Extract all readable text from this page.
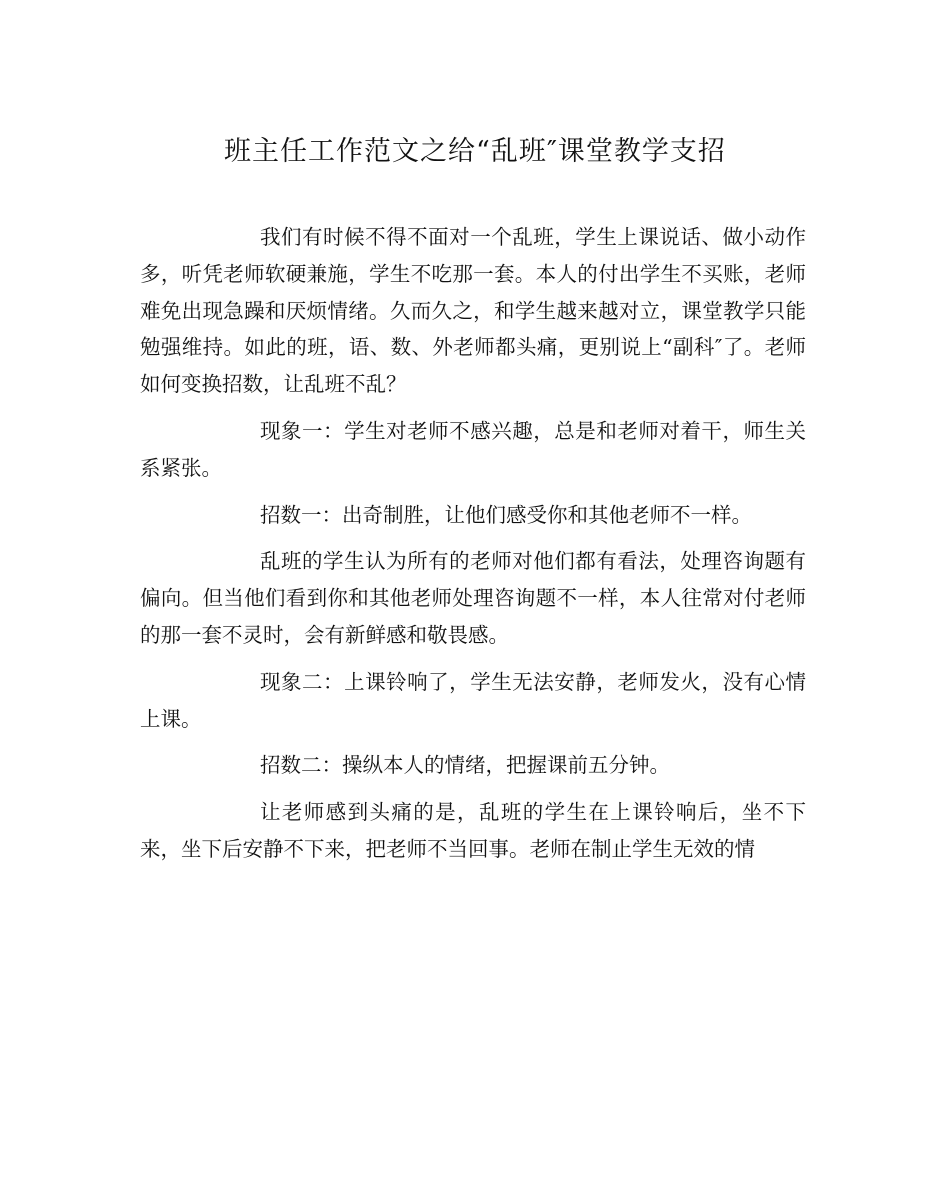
班主任工作范文之给“乱班″课堂教学支招

我们有时候不得不面对一个乱班，学生上课说话、做小动作多，听凭老师软硬兼施，学生不吃那一套。本人的付出学生不买账，老师难免出现急躁和厌烦情绪。久而久之，和学生越来越对立，课堂教学只能勉强维持。如此的班，语、数、外老师都头痛，更别说上“副科″了。老师如何变换招数，让乱班不乱？

现象一：学生对老师不感兴趣，总是和老师对着干，师生关系紧张。

招数一：出奇制胜，让他们感受你和其他老师不一样。

乱班的学生认为所有的老师对他们都有看法，处理咨询题有偏向。但当他们看到你和其他老师处理咨询题不一样，本人往常对付老师的那一套不灵时，会有新鲜感和敬畏感。

现象二：上课铃响了，学生无法安静，老师发火，没有心情上课。

招数二：操纵本人的情绪，把握课前五分钟。

让老师感到头痛的是，乱班的学生在上课铃响后，坐不下来，坐下后安静不下来，把老师不当回事。老师在制止学生无效的情
